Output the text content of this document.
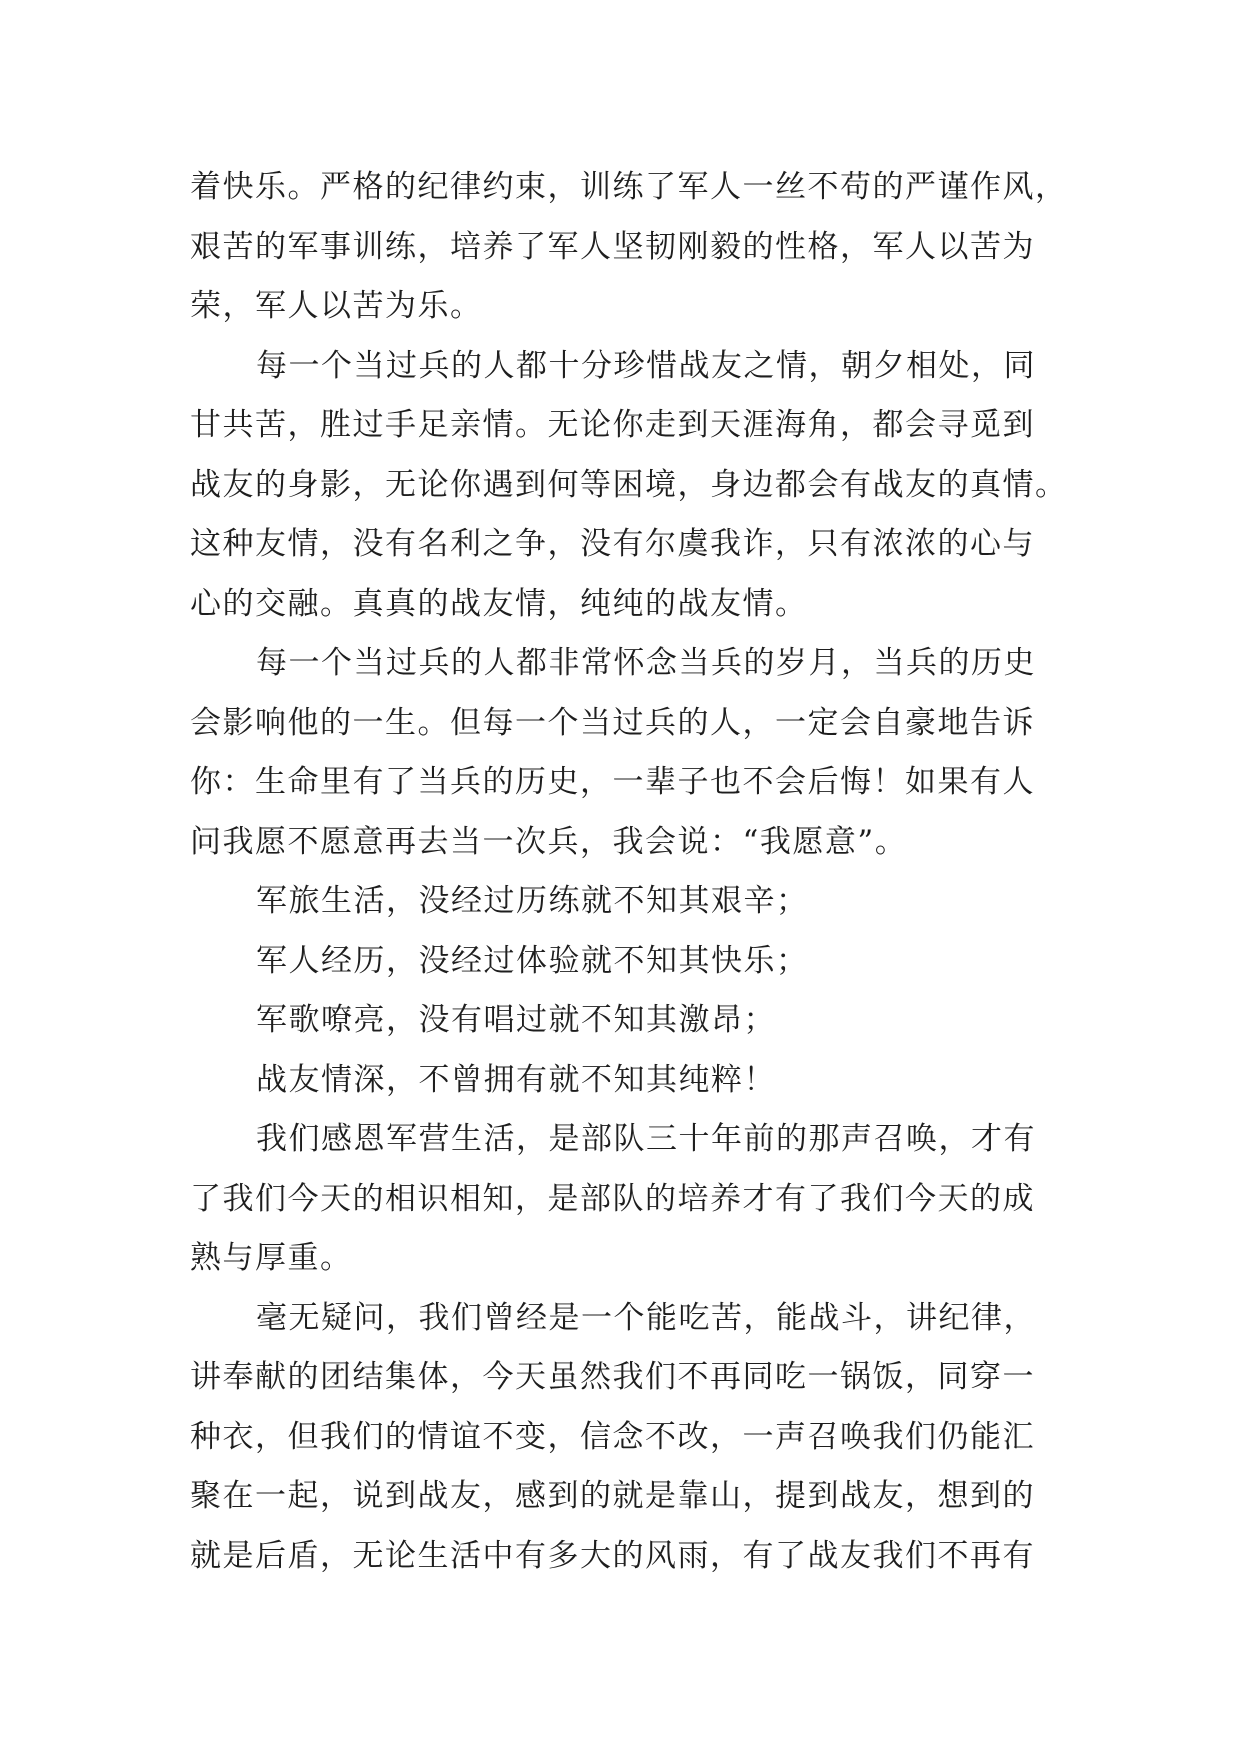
着快乐。严格的纪律约束，训练了军人一丝不苟的严谨作风，
艰苦的军事训练，培养了军人坚韧刚毅的性格，军人以苦为
荣，军人以苦为乐。
每一个当过兵的人都十分珍惜战友之情，朝夕相处，同
甘共苦，胜过手足亲情。无论你走到天涯海角，都会寻觅到
战友的身影，无论你遇到何等困境，身边都会有战友的真情。
这种友情，没有名利之争，没有尔虞我诈，只有浓浓的心与
心的交融。真真的战友情，纯纯的战友情。
每一个当过兵的人都非常怀念当兵的岁月，当兵的历史
会影响他的一生。但每一个当过兵的人，一定会自豪地告诉
你：生命里有了当兵的历史，一辈子也不会后悔！如果有人
问我愿不愿意再去当一次兵，我会说：“我愿意”。
军旅生活，没经过历练就不知其艰辛；
军人经历，没经过体验就不知其快乐；
军歌嘹亮，没有唱过就不知其激昂；
战友情深，不曾拥有就不知其纯粹！
我们感恩军营生活，是部队三十年前的那声召唤，才有
了我们今天的相识相知，是部队的培养才有了我们今天的成
熟与厚重。
毫无疑问，我们曾经是一个能吃苦，能战斗，讲纪律，
讲奉献的团结集体，今天虽然我们不再同吃一锅饭，同穿一
种衣，但我们的情谊不变，信念不改，一声召唤我们仍能汇
聚在一起，说到战友，感到的就是靠山，提到战友，想到的
就是后盾，无论生活中有多大的风雨，有了战友我们不再有
